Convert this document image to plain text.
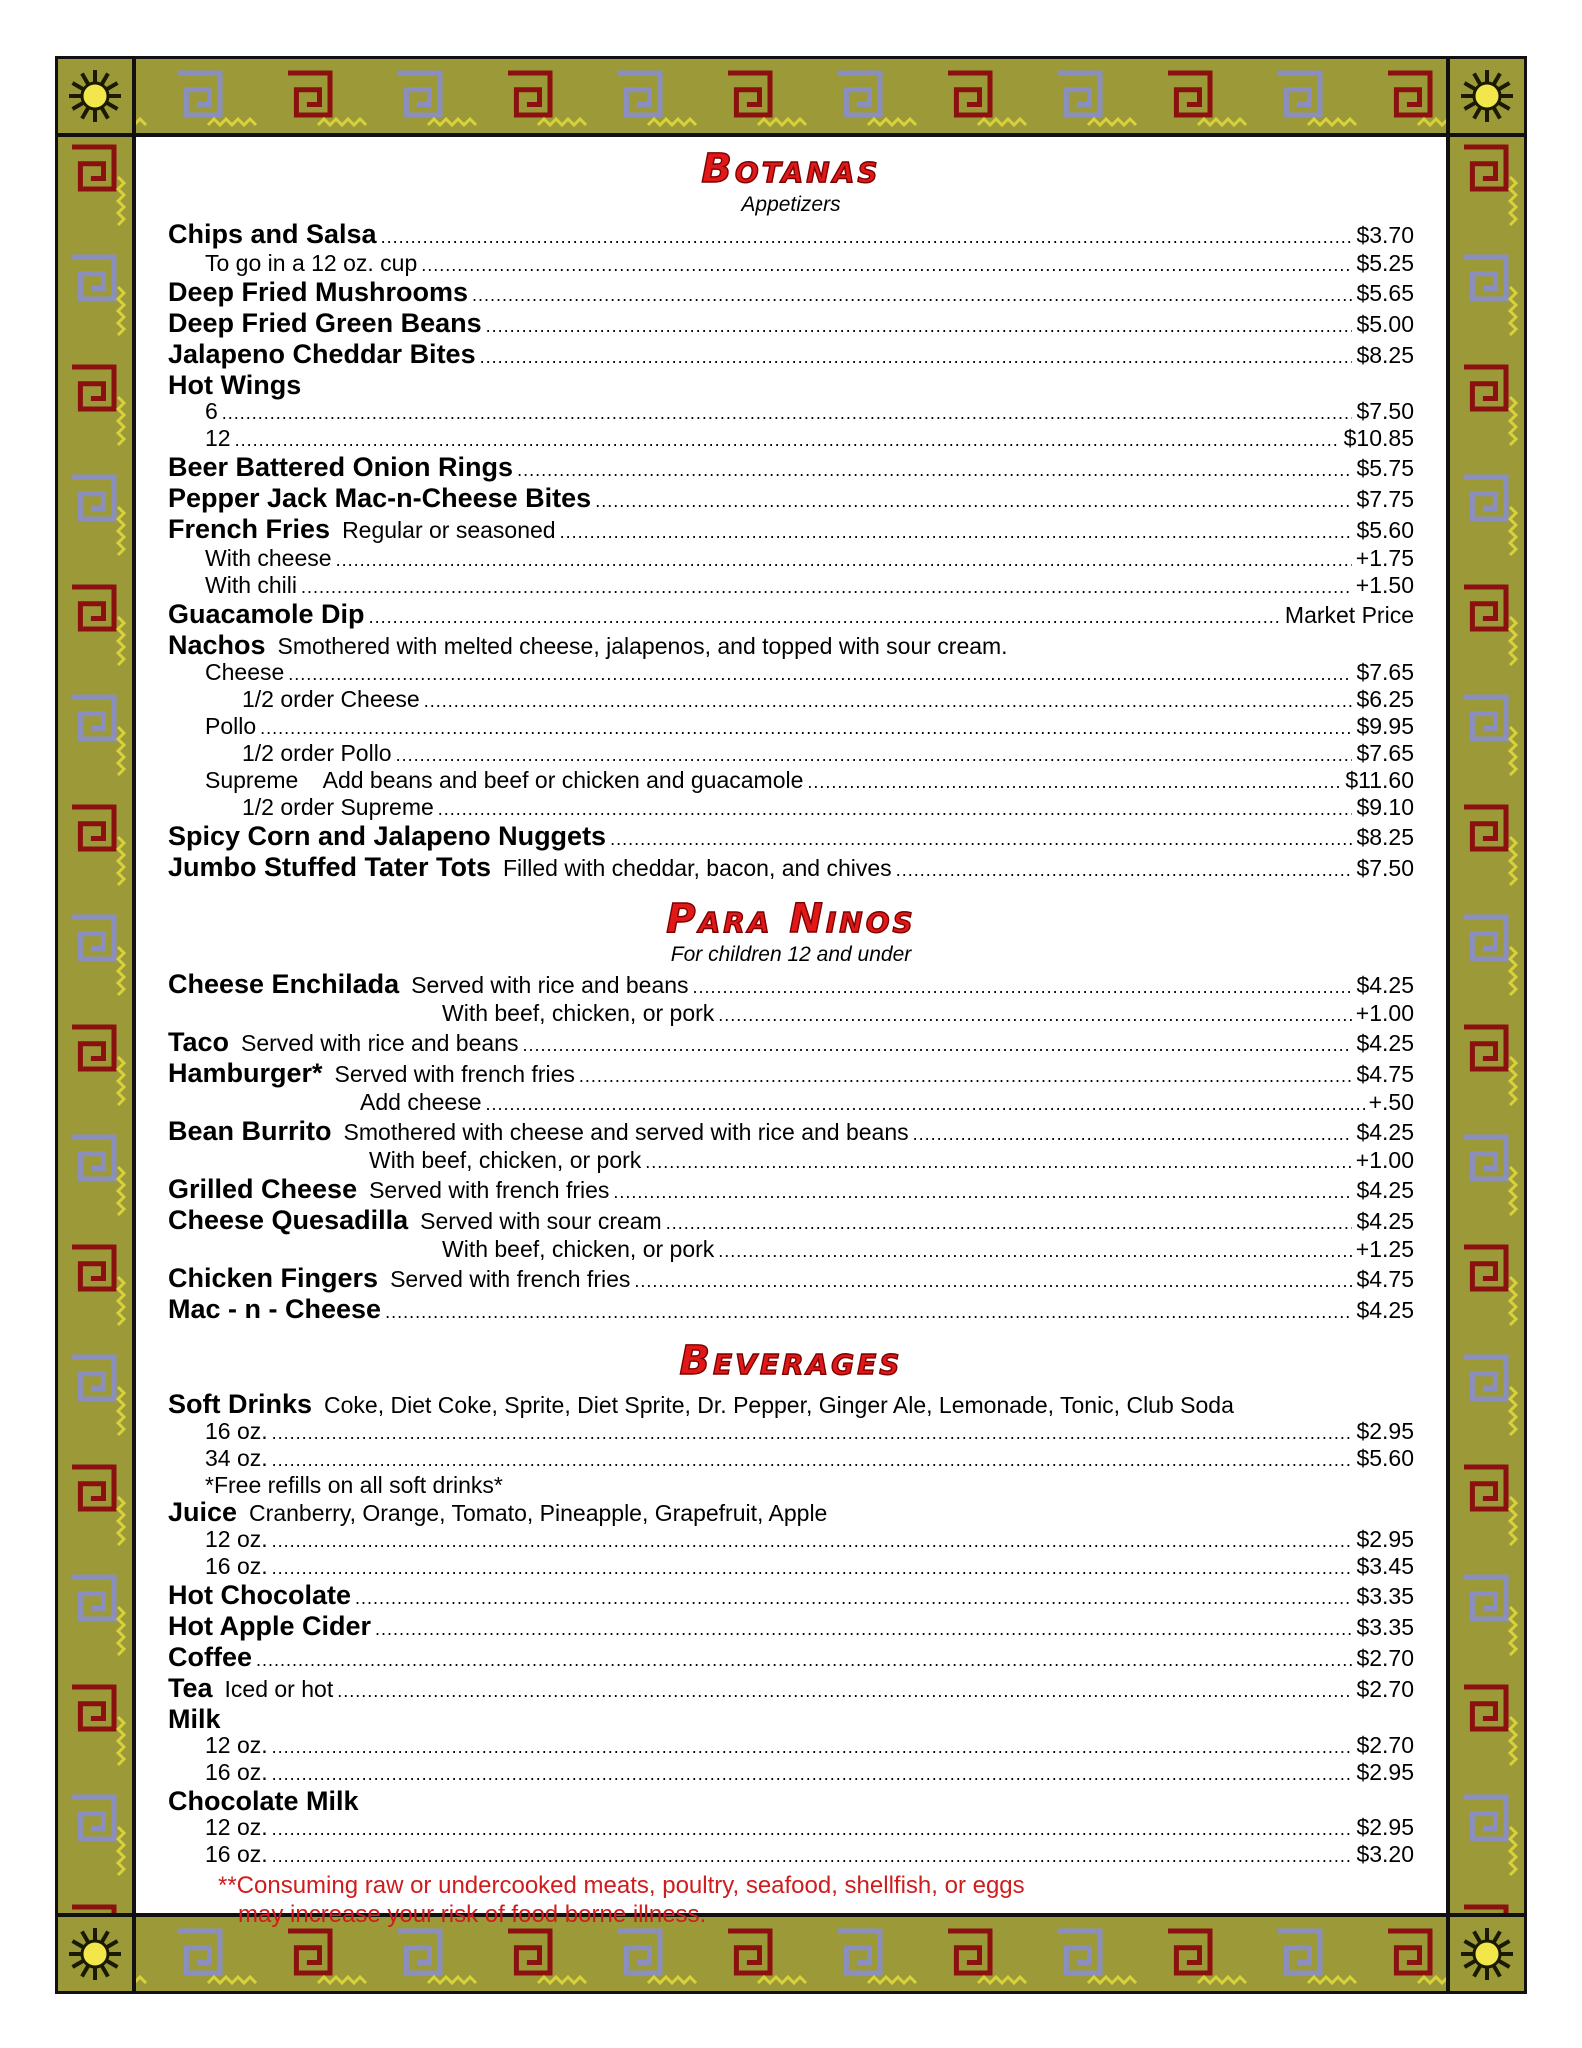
Botanas

Appetizers

Chips and Salsa .....	$3.70
To go in a 12 oz. cup .....	$5.25
Deep Fried Mushrooms .....	$5.65
Deep Fried Green Beans .....	$5.00
Jalapeno Cheddar Bites .....	$8.25
Hot Wings
6 .....	$7.50
12 .....	$10.85
Beer Battered Onion Rings .....	$5.75
Pepper Jack Mac-n-Cheese Bites .....	$7.75
French Fries Regular or seasoned .....	$5.60
With cheese .....	+1.75
With chili .....	+1.50
Guacamole Dip .....	Market Price
Nachos Smothered with melted cheese, jalapenos, and topped with sour cream.
Cheese .....	$7.65
1/2 order Cheese .....	$6.25
Pollo .....	$9.95
1/2 order Pollo .....	$7.65
Supreme    Add beans and beef or chicken and guacamole .....	$11.60
1/2 order Supreme .....	$9.10
Spicy Corn and Jalapeno Nuggets .....	$8.25
Jumbo Stuffed Tater Tots Filled with cheddar, bacon, and chives .....	$7.50
Para Ninos

For children 12 and under

Cheese Enchilada Served with rice and beans .....	$4.25
With beef, chicken, or pork .....	+1.00
Taco Served with rice and beans .....	$4.25
Hamburger* Served with french fries .....	$4.75
Add cheese .....	+.50
Bean Burrito Smothered with cheese and served with rice and beans .....	$4.25
With beef, chicken, or pork .....	+1.00
Grilled Cheese Served with french fries .....	$4.25
Cheese Quesadilla Served with sour cream .....	$4.25
With beef, chicken, or pork .....	+1.25
Chicken Fingers Served with french fries .....	$4.75
Mac - n - Cheese .....	$4.25
Beverages
Soft Drinks Coke, Diet Coke, Sprite, Diet Sprite, Dr. Pepper, Ginger Ale, Lemonade, Tonic, Club Soda
16 oz. .....	$2.95
34 oz. .....	$5.60
*Free refills on all soft drinks*
Juice Cranberry, Orange, Tomato, Pineapple, Grapefruit, Apple
12 oz. .....	$2.95
16 oz. .....	$3.45
Hot Chocolate .....	$3.35
Hot Apple Cider .....	$3.35
Coffee .....	$2.70
Tea Iced or hot .....	$2.70
Milk
12 oz. .....	$2.70
16 oz. .....	$2.95
Chocolate Milk
12 oz. .....	$2.95
16 oz. .....	$3.20
**Consuming raw or undercooked meats, poultry, seafood, shellfish, or eggs
may increase your risk of food borne illness.
